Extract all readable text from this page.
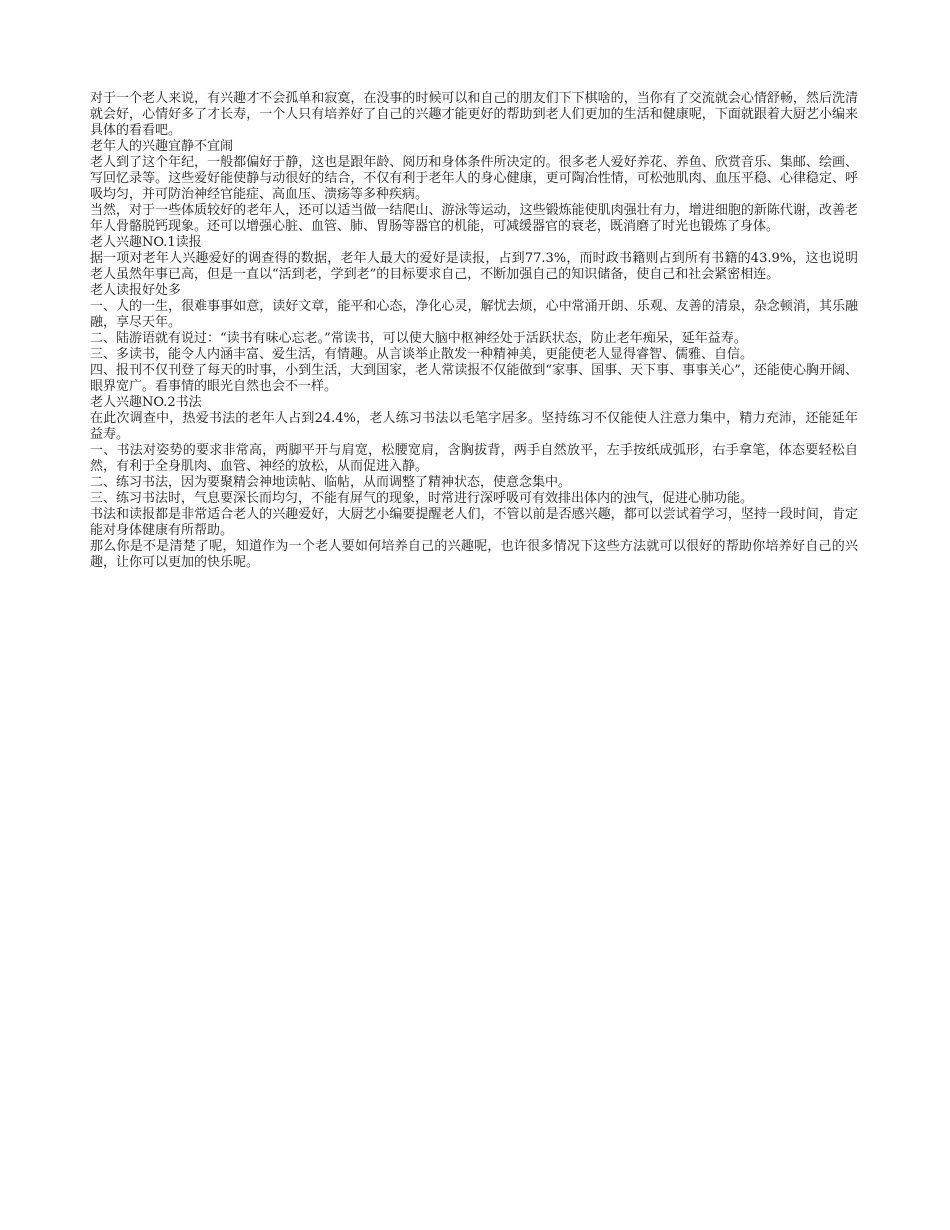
对于一个老人来说，有兴趣才不会孤单和寂寞，在没事的时候可以和自己的朋友们下下棋啥的，当你有了交流就会心情舒畅，然后洗清就会好，心情好多了才长寿，一个人只有培养好了自己的兴趣才能更好的帮助到老人们更加的生活和健康呢，下面就跟着大厨艺小编来具体的看看吧。

老年人的兴趣宜静不宜闹

老人到了这个年纪，一般都偏好于静，这也是跟年龄、阅历和身体条件所决定的。很多老人爱好养花、养鱼、欣赏音乐、集邮、绘画、写回忆录等。这些爱好能使静与动很好的结合，不仅有利于老年人的身心健康，更可陶冶性情，可松弛肌肉、血压平稳、心律稳定、呼吸均匀，并可防治神经官能症、高血压、溃疡等多种疾病。

当然，对于一些体质较好的老年人，还可以适当做一结爬山、游泳等运动，这些锻炼能使肌肉强壮有力，增进细胞的新陈代谢，改善老年人骨骼脱钙现象。还可以增强心脏、血管、肺、胃肠等器官的机能，可减缓器官的衰老，既消磨了时光也锻炼了身体。

老人兴趣NO.1读报

据一项对老年人兴趣爱好的调查得的数据，老年人最大的爱好是读报，占到77.3%，而时政书籍则占到所有书籍的43.9%，这也说明老人虽然年事已高，但是一直以“活到老，学到老”的目标要求自己，不断加强自己的知识储备，使自己和社会紧密相连。

老人读报好处多

一、人的一生，很难事事如意，读好文章，能平和心态，净化心灵，解忧去烦，心中常涌开朗、乐观、友善的清泉，杂念顿消，其乐融融，享尽天年。

二、陆游语就有说过：“读书有味心忘老。”常读书，可以使大脑中枢神经处于活跃状态，防止老年痴呆，延年益寿。

三、多读书，能令人内涵丰富、爱生活，有情趣。从言谈举止散发一种精神美，更能使老人显得睿智、儒雅、自信。

四、报刊不仅刊登了每天的时事，小到生活，大到国家，老人常读报不仅能做到“家事、国事、天下事、事事关心”，还能使心胸开阔、眼界宽广。看事情的眼光自然也会不一样。

老人兴趣NO.2书法

在此次调查中，热爱书法的老年人占到24.4%，老人练习书法以毛笔字居多。坚持练习不仅能使人注意力集中，精力充沛，还能延年益寿。

一、书法对姿势的要求非常高，两脚平开与肩宽，松腰宽肩，含胸拔背，两手自然放平，左手按纸成弧形，右手拿笔，体态要轻松自然，有利于全身肌肉、血管、神经的放松，从而促进入静。

二、练习书法，因为要聚精会神地读帖、临帖，从而调整了精神状态，使意念集中。

三、练习书法时，气息要深长而均匀，不能有屏气的现象，时常进行深呼吸可有效排出体内的浊气，促进心肺功能。

书法和读报都是非常适合老人的兴趣爱好，大厨艺小编要提醒老人们，不管以前是否感兴趣，都可以尝试着学习，坚持一段时间，肯定能对身体健康有所帮助。

那么你是不是清楚了呢，知道作为一个老人要如何培养自己的兴趣呢，也许很多情况下这些方法就可以很好的帮助你培养好自己的兴趣，让你可以更加的快乐呢。
